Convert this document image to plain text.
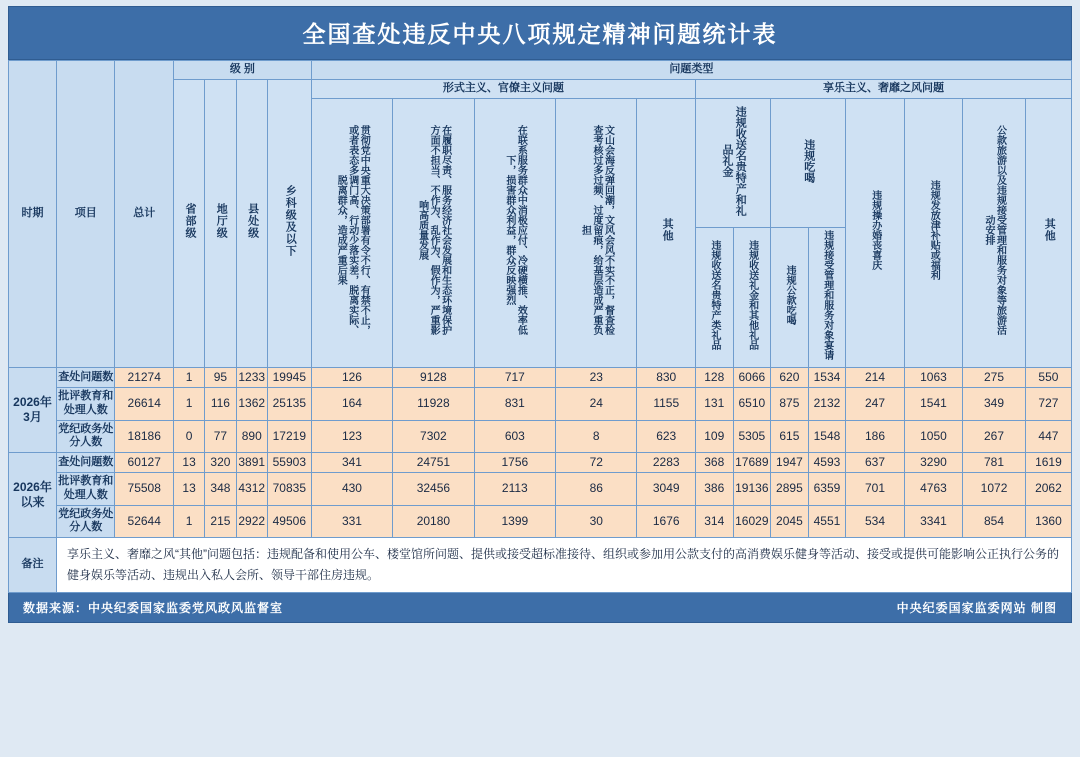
全国查处违反中央八项规定精神问题统计表
时期	项目	总计	级 别				问题类型												
			省部级	地厅级	县处级	乡科级及以下	形式主义、官僚主义问题					享乐主义、奢靡之风问题							
							贯彻党中央重大决策部署有令不行、有禁不止，或者表态多调门高、行动少落实差，脱离实际、脱离群众，造成严重后果	在履职尽责、服务经济社会发展和生态环境保护方面不担当、不作为、乱作为、假作为，严重影响高质量发展	在联系服务群众中消极应付、冷硬横推、效率低下，损害群众利益，群众反映强烈	文山会海反弹回潮，文风会风不实不正，督查检查考核过多过频、过度留痕，给基层造成严重负担	其他	违规收送名贵特产和礼品礼金		违规吃喝		违规操办婚丧喜庆	违规发放津补贴或福利	公款旅游以及违规接受管理和服务对象等旅游活动安排	其他
												违规收送名贵特产类礼品	违规收送礼金和其他礼品	违规公款吃喝	违规接受管理和服务对象宴请				
2026年3月	查处问题数	21274	1	95	1233	19945	126	9128	717	23	830	128	6066	620	1534	214	1063	275	550
	批评教育和处理人数	26614	1	116	1362	25135	164	11928	831	24	1155	131	6510	875	2132	247	1541	349	727
	党纪政务处分人数	18186	0	77	890	17219	123	7302	603	8	623	109	5305	615	1548	186	1050	267	447
2026年以来	查处问题数	60127	13	320	3891	55903	341	24751	1756	72	2283	368	17689	1947	4593	637	3290	781	1619
	批评教育和处理人数	75508	13	348	4312	70835	430	32456	2113	86	3049	386	19136	2895	6359	701	4763	1072	2062
	党纪政务处分人数	52644	1	215	2922	49506	331	20180	1399	30	1676	314	16029	2045	4551	534	3341	854	1360
备注	享乐主义、奢靡之风“其他”问题包括：违规配备和使用公车、楼堂馆所问题、提供或接受超标准接待、组织或参加用公款支付的高消费娱乐健身等活动、接受或提供可能影响公正执行公务的健身娱乐等活动、违规出入私人会所、领导干部住房违规。																		
数据来源：中央纪委国家监委党风政风监督室	中央纪委国家监委网站 制图
